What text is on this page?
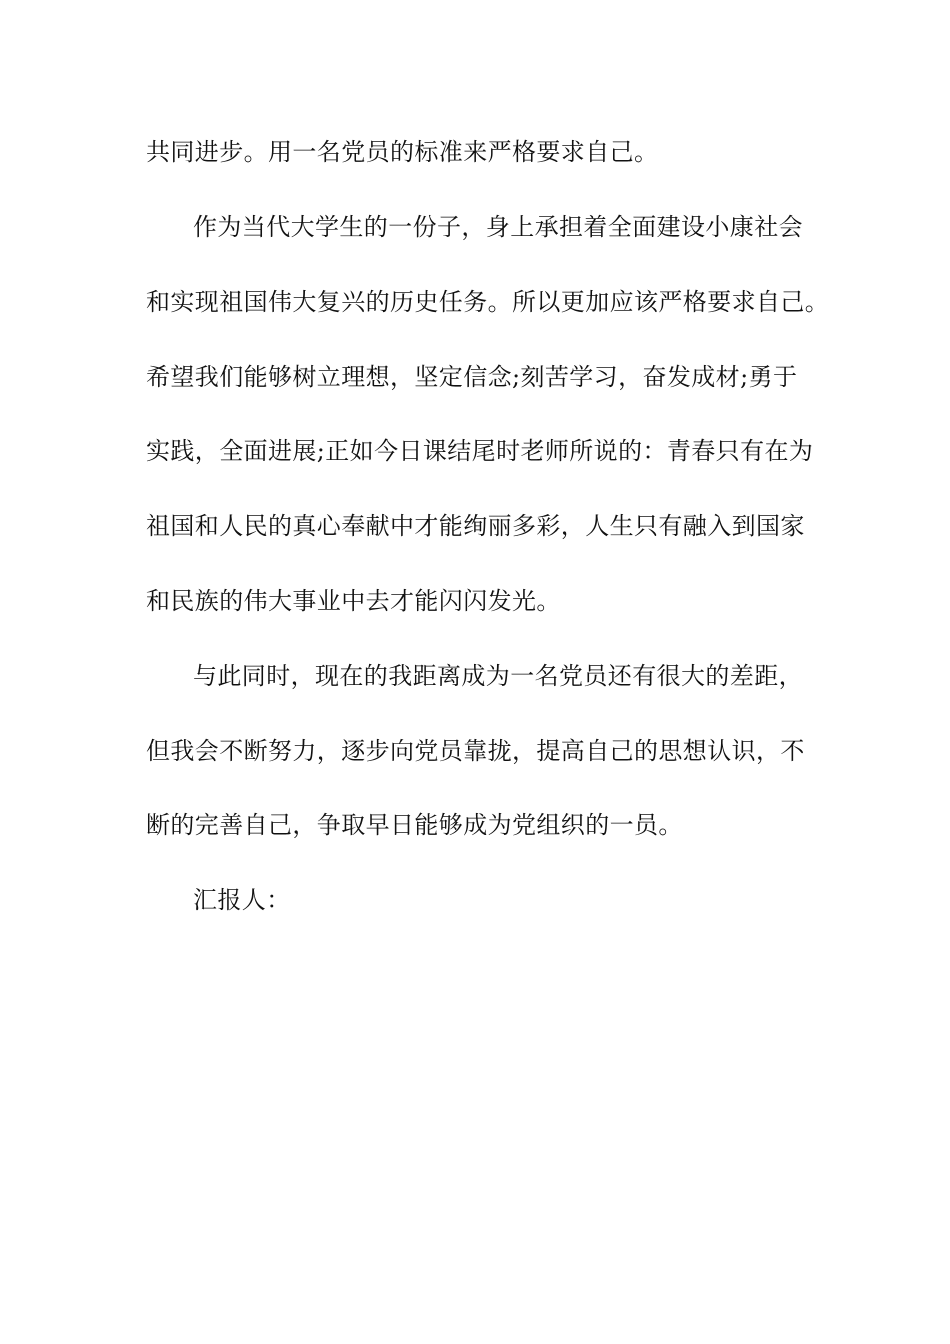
共同进步。用一名党员的标准来严格要求自己。
作为当代大学生的一份子，身上承担着全面建设小康社会
和实现祖国伟大复兴的历史任务。所以更加应该严格要求自己。
希望我们能够树立理想，坚定信念;刻苦学习，奋发成材;勇于
实践，全面进展;正如今日课结尾时老师所说的：青春只有在为
祖国和人民的真心奉献中才能绚丽多彩，人生只有融入到国家
和民族的伟大事业中去才能闪闪发光。
与此同时，现在的我距离成为一名党员还有很大的差距，
但我会不断努力，逐步向党员靠拢，提高自己的思想认识，不
断的完善自己，争取早日能够成为党组织的一员。
汇报人：
